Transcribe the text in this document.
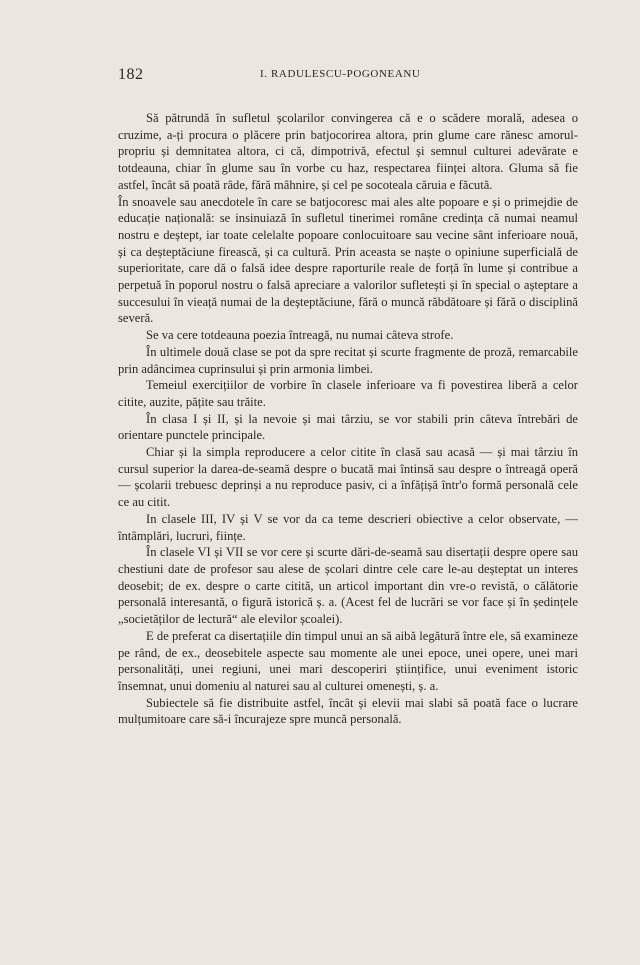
182	I. RADULESCU-POGONEANU

Să pătrundă în sufletul școlarilor convingerea că e o scădere morală, adesea o cruzime, a-ți procura o plăcere prin batjocorirea altora, prin glume care rănesc amorul-propriu și demnitatea altora, ci că, dimpotrivă, efectul și semnul culturei adevărate e totdeauna, chiar în glume sau în vorbe cu haz, respectarea ființei altora. Gluma să fie astfel, încât să poată râde, fără mâhnire, și cel pe socoteala căruia e făcută.

În snoavele sau anecdotele în care se batjocoresc mai ales alte popoare e și o primejdie de educație națională: se insinuiază în sufletul tinerimei române credința că numai neamul nostru e deștept, iar toate celelalte popoare conlocuitoare sau vecine sânt inferioare nouă, și ca deșteptăciune firească, și ca cultură. Prin aceasta se naște o opiniune superficială de superioritate, care dă o falsă idee despre raporturile reale de forță în lume și contribue a perpetuă în poporul nostru o falsă apreciare a valorilor sufletești și în special o așteptare a succesului în vieață numai de la deșteptăciune, fără o muncă răbdătoare și fără o disciplină severă.

Se va cere totdeauna poezia întreagă, nu numai câteva strofe.

În ultimele două clase se pot da spre recitat și scurte fragmente de proză, remarcabile prin adâncimea cuprinsului și prin armonia limbei.

Temeiul exercițiilor de vorbire în clasele inferioare va fi povestirea liberă a celor citite, auzite, pățite sau trăite.

În clasa I și II, și la nevoie și mai târziu, se vor stabili prin câteva întrebări de orientare punctele principale.

Chiar și la simpla reproducere a celor citite în clasă sau acasă — și mai târziu în cursul superior la darea-de-seamă despre o bucată mai întinsă sau despre o întreagă operă — școlarii trebuesc deprinși a nu reproduce pasiv, ci a înfățișă într'o formă personală cele ce au citit.

In clasele III, IV și V se vor da ca teme descrieri obiective a celor observate, — întâmplări, lucruri, ființe.

În clasele VI și VII se vor cere și scurte dări-de-seamă sau disertații despre opere sau chestiuni date de profesor sau alese de școlari dintre cele care le-au deșteptat un interes deosebit; de ex. despre o carte citită, un articol important din vre-o revistă, o călătorie personală interesantă, o figură istorică ș. a. (Acest fel de lucrări se vor face și în ședințele „societăților de lectură“ ale elevilor școalei).

E de preferat ca disertațiile din timpul unui an să aibă legătură între ele, să examineze pe rând, de ex., deosebitele aspecte sau momente ale unei epoce, unei opere, unei mari personalități, unei regiuni, unei mari descoperiri științifice, unui eveniment istoric însemnat, unui domeniu al naturei sau al culturei omenești, ș. a.

Subiectele să fie distribuite astfel, încât și elevii mai slabi să poată face o lucrare mulțumitoare care să-i încurajeze spre muncă personală.
